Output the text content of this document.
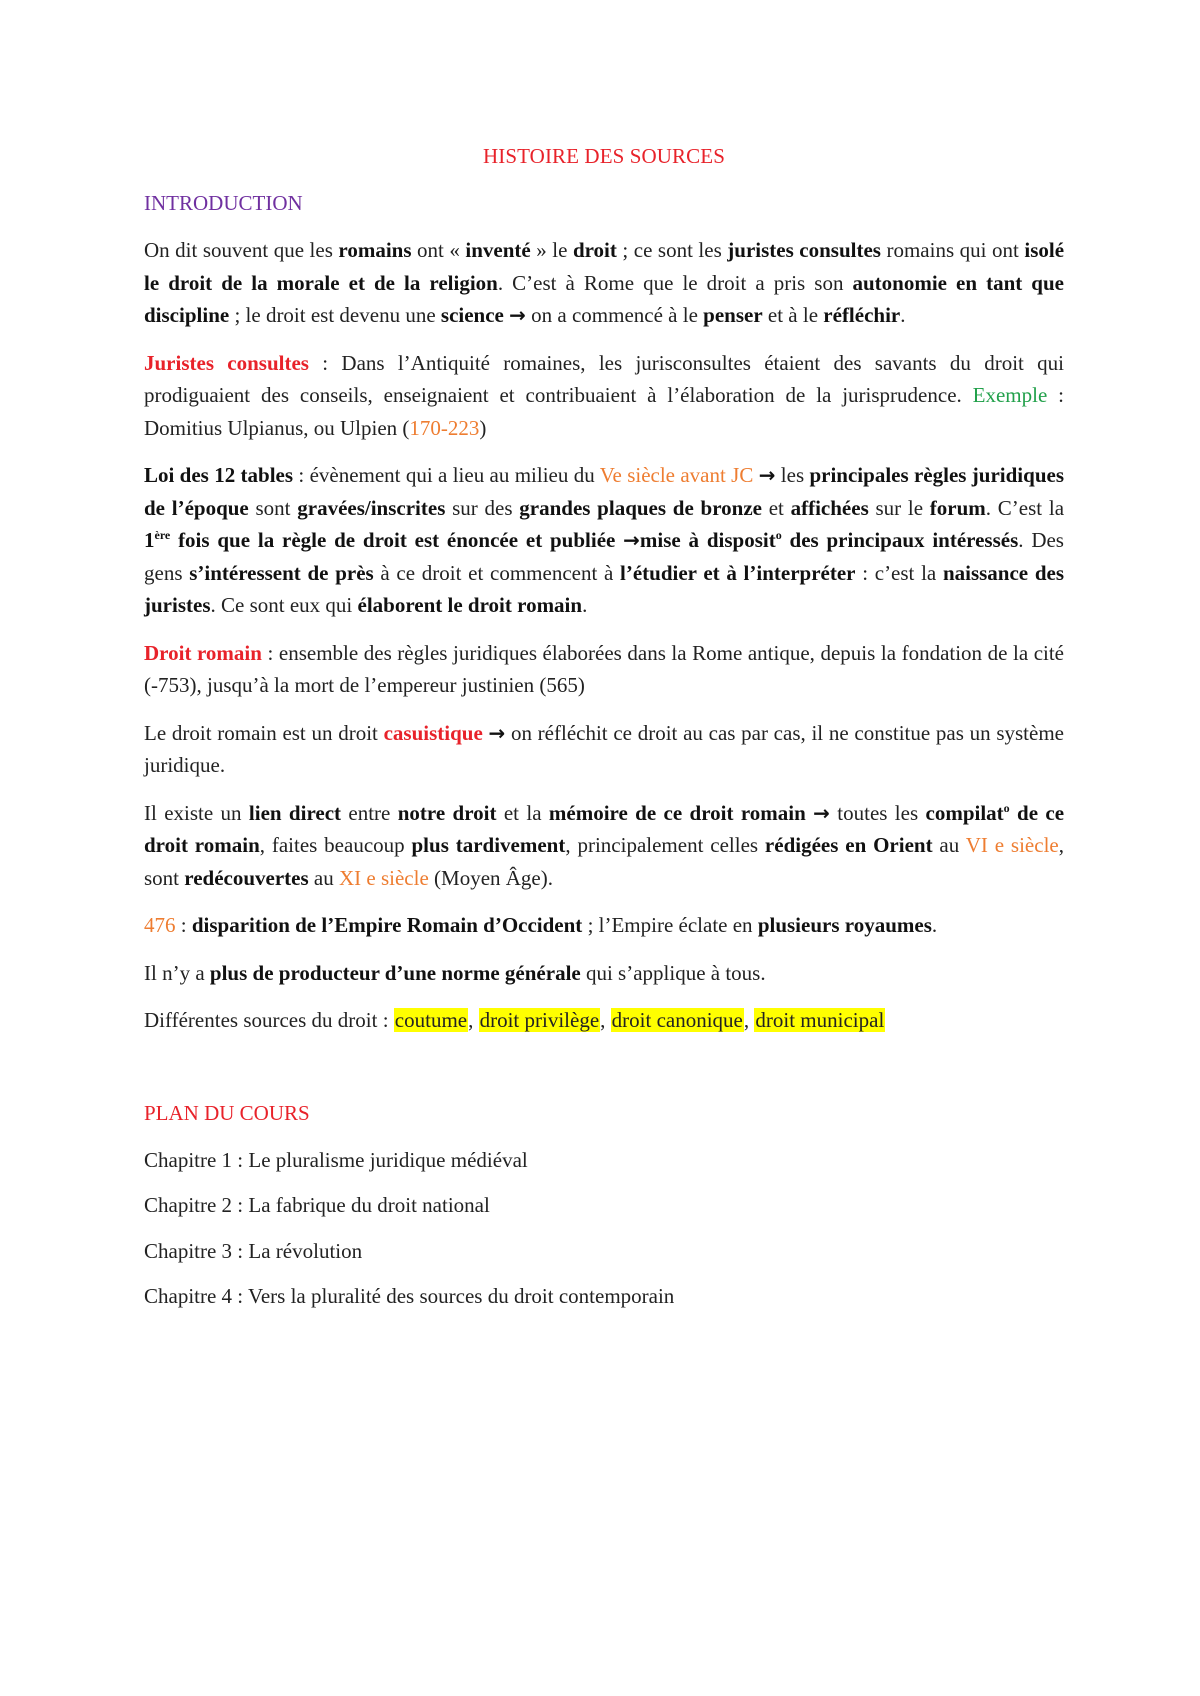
HISTOIRE DES SOURCES
INTRODUCTION

On dit souvent que les romains ont « inventé » le droit ; ce sont les juristes consultes romains qui ont isolé le droit de la morale et de la religion. C’est à Rome que le droit a pris son autonomie en tant que discipline ; le droit est devenu une science → on a commencé à le penser et à le réfléchir.

Juristes consultes : Dans l’Antiquité romaines, les jurisconsultes étaient des savants du droit qui prodiguaient des conseils, enseignaient et contribuaient à l’élaboration de la jurisprudence. Exemple : Domitius Ulpianus, ou Ulpien (170-223)

Loi des 12 tables : évènement qui a lieu au milieu du Ve siècle avant JC → les principales règles juridiques de l’époque sont gravées/inscrites sur des grandes plaques de bronze et affichées sur le forum. C’est la 1ère fois que la règle de droit est énoncée et publiée →mise à disposit$^o$ des principaux intéressés. Des gens s’intéressent de près à ce droit et commencent à l’étudier et à l’interpréter : c’est la naissance des juristes. Ce sont eux qui élaborent le droit romain.

Droit romain : ensemble des règles juridiques élaborées dans la Rome antique, depuis la fondation de la cité (-753), jusqu’à la mort de l’empereur justinien (565)

Le droit romain est un droit casuistique → on réfléchit ce droit au cas par cas, il ne constitue pas un système juridique.

Il existe un lien direct entre notre droit et la mémoire de ce droit romain → toutes les compilat$^o$ de ce droit romain, faites beaucoup plus tardivement, principalement celles rédigées en Orient au VI e siècle, sont redécouvertes au XI e siècle (Moyen Âge).

476 : disparition de l’Empire Romain d’Occident ; l’Empire éclate en plusieurs royaumes.

Il n’y a plus de producteur d’une norme générale qui s’applique à tous.

Différentes sources du droit : coutume, droit privilège, droit canonique, droit municipal

PLAN DU COURS
Chapitre 1 : Le pluralisme juridique médiéval
Chapitre 2 : La fabrique du droit national
Chapitre 3 : La révolution
Chapitre 4 : Vers la pluralité des sources du droit contemporain
